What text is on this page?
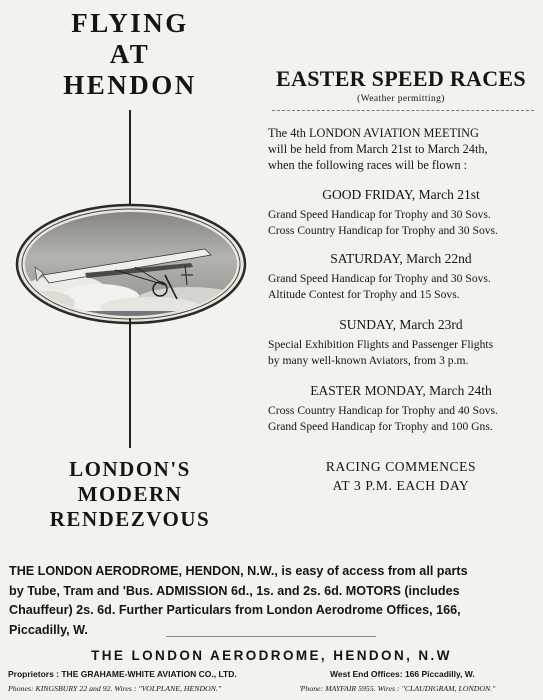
FLYING
AT
HENDON
LONDON'S
MODERN
RENDEZVOUS
EASTER SPEED RACES
(Weather permitting)
The 4th LONDON AVIATION MEETING
will be held from March 21st to March 24th,
when the following races will be flown :
GOOD FRIDAY, March 21st
Grand Speed Handicap for Trophy and 30 Sovs.
Cross Country Handicap for Trophy and 30 Sovs.
SATURDAY, March 22nd
Grand Speed Handicap for Trophy and 30 Sovs.
Altitude Contest for Trophy and 15 Sovs.
SUNDAY, March 23rd
Special Exhibition Flights and Passenger Flights
by many well-known Aviators, from 3 p.m.
EASTER MONDAY, March 24th
Cross Country Handicap for Trophy and 40 Sovs.
Grand Speed Handicap for Trophy and 100 Gns.
RACING COMMENCES
AT 3 P.M. EACH DAY
THE LONDON AERODROME, HENDON, N.W., is easy of access from all parts
by Tube, Tram and 'Bus. ADMISSION 6d., 1s. and 2s. 6d. MOTORS (includes
Chauffeur) 2s. 6d. Further Particulars from London Aerodrome Offices, 166,
Piccadilly, W.
THE LONDON AERODROME, HENDON, N.W
Proprietors : THE GRAHAME-WHITE AVIATION CO., LTD.	West End Offices: 166 Piccadilly, W.
Phones: KINGSBURY 22 and 92. Wires : "VOLPLANE, HENDON."	'Phone: MAYFAIR 5955. Wires : "CLAUDIGRAM, LONDON."
